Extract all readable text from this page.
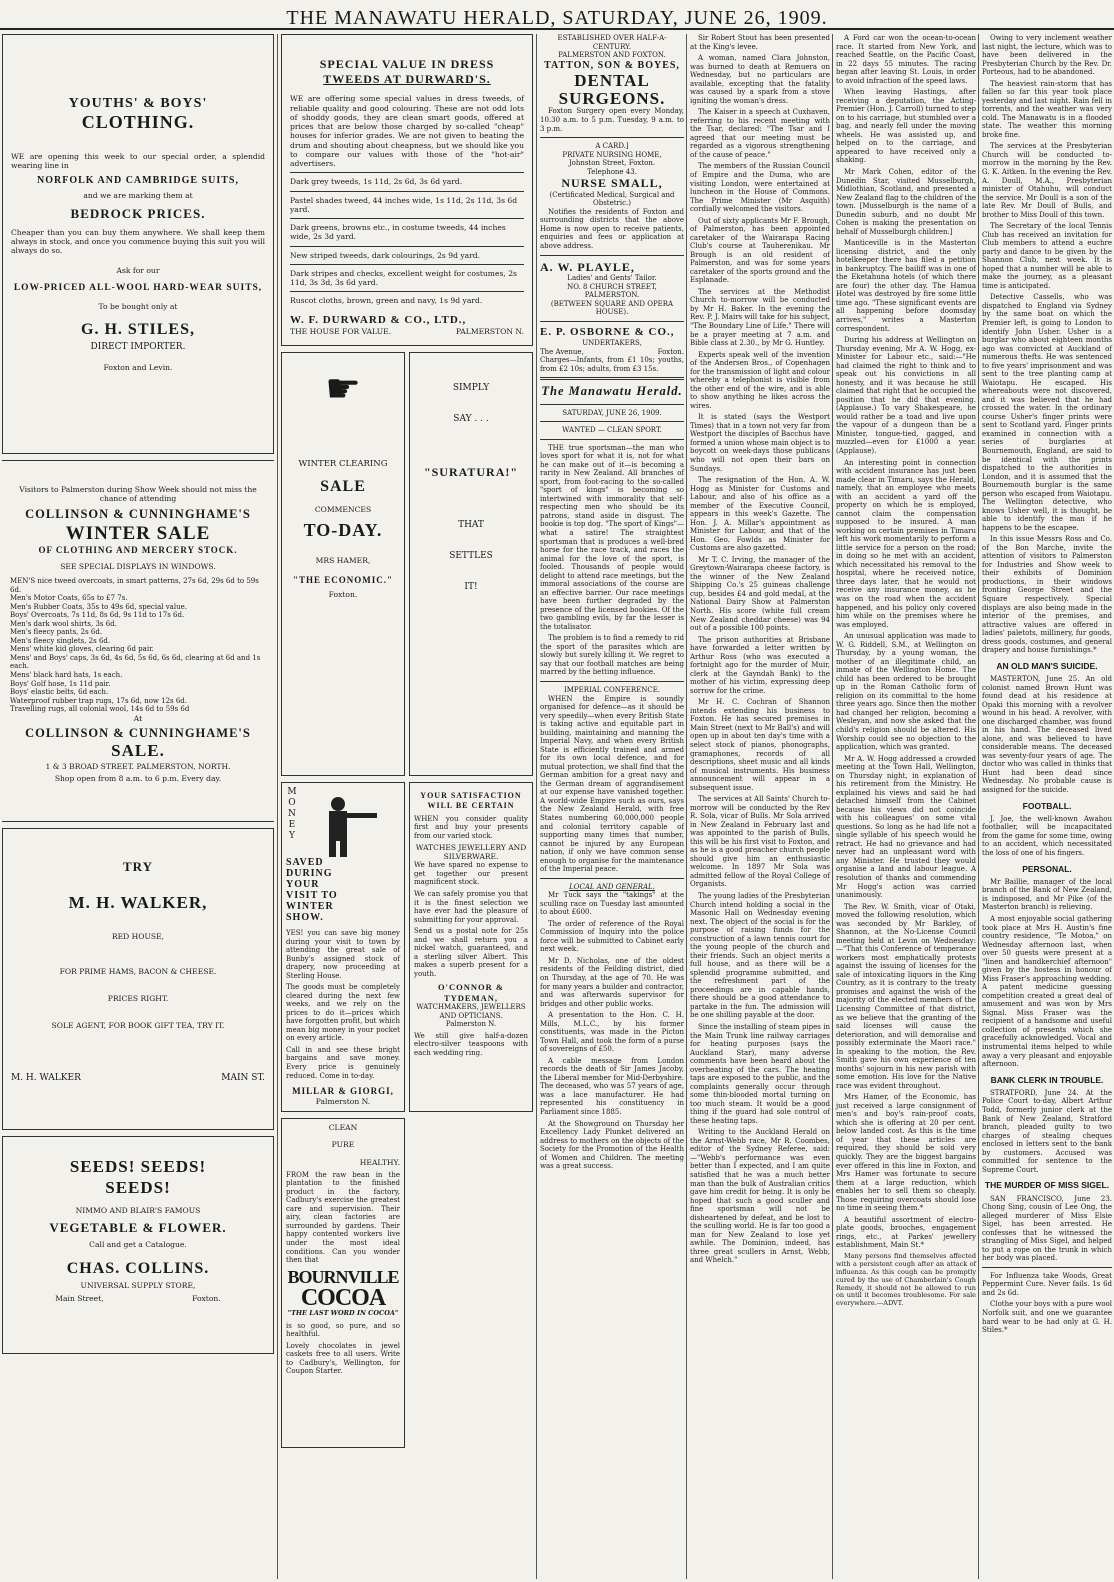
THE MANAWATU HERALD, SATURDAY, JUNE 26, 1909.
YOUTHS' & BOYS'
CLOTHING.

WE are opening this week to our special order, a splendid wearing line in

NORFOLK AND CAMBRIDGE SUITS,

and we are marking them at

BEDROCK PRICES.

Cheaper than you can buy them anywhere. We shall keep them always in stock, and once you commence buying this suit you will always do so.

Ask for our

LOW-PRICED ALL-WOOL HARD-WEAR SUITS,

To be bought only at

G. H. STILES,
DIRECT IMPORTER.

Foxton and Levin.

Visitors to Palmerston during Show Week should not miss the chance of attending

COLLINSON & CUNNINGHAME'S
WINTER SALE
OF CLOTHING AND MERCERY STOCK.

SEE SPECIAL DISPLAYS IN WINDOWS.

MEN'S nice tweed overcoats, in smart patterns, 27s 6d, 29s 6d to 59s 6d.
Men's Motor Coats, 65s to £7 7s.
Men's Rubber Coats, 35s to 49s 6d, special value.
Boys' Overcoats, 7s 11d, 8s 6d, 9s 11d to 17s 6d.
Men's dark wool shirts, 3s 6d.
Men's fleecy pants, 2s 6d.
Men's fleecy singlets, 2s 6d.
Mens' white kid gloves, clearing 6d pair.
Mens' and Boys' caps, 3s 6d, 4s 6d, 5s 6d, 6s 6d, clearing at 6d and 1s each.
Mens' black hard hats, 1s each.
Boys' Golf hose, 1s 11d pair.
Boys' elastic belts, 6d each.
Waterproof rubber trap rugs, 17s 6d, now 12s 6d.
Travelling rugs, all colonial wool, 14s 6d to 59s 6d

At

COLLINSON & CUNNINGHAME'S
SALE.

1 & 3 BROAD STREET. PALMERSTON, NORTH.

Shop open from 8 a.m. to 6 p.m. Every day.

TRY
M. H. WALKER,

RED HOUSE,

FOR PRIME HAMS, BACON & CHEESE.

PRICES RIGHT.

SOLE AGENT, FOR BOOK GIFT TEA, TRY IT.

M. H. WALKER	MAIN ST.
SEEDS! SEEDS!
SEEDS!

NIMMO AND BLAIR'S FAMOUS

VEGETABLE & FLOWER.

Call and get a Catalogue.

CHAS. COLLINS.

UNIVERSAL SUPPLY STORE,

Main Street,	Foxton.
SPECIAL VALUE IN DRESS
TWEEDS AT DURWARD'S.

WE are offering some special values in dress tweeds, of reliable quality and good colouring. These are not odd lots of shoddy goods, they are clean smart goods, offered at prices that are below those charged by so-called "cheap" houses for inferior grades. We are not given to beating the drum and shouting about cheapness, but we should like you to compare our values with those of the "hot-air" advertisers.

Dark grey tweeds, 1s 11d, 2s 6d, 3s 6d yard.

Pastel shades tweed, 44 inches wide, 1s 11d, 2s 11d, 3s 6d yard.

Dark greens, browns etc., in costume tweeds, 44 inches wide, 2s 3d yard.

New striped tweeds, dark colourings, 2s 9d yard.

Dark stripes and checks, excellent weight for costumes, 2s 11d, 3s 3d, 3s 6d yard.

Ruscot cloths, brown, green and navy, 1s 9d yard.

W. F. DURWARD & CO., LTD.,
THE HOUSE FOR VALUE.	PALMERSTON N.
☛

WINTER CLEARING

SALE

COMMENCES

TO-DAY.

MRS HAMER,

"THE ECONOMIC."

Foxton.

SIMPLY

SAY . . .

"SURATURA!"

THAT

SETTLES

IT!

MONEY
SAVED
DURING
YOUR
VISIT TO
WINTER
SHOW.

YES! you can save big money during your visit to town by attending the great sale of Bunby's assigned stock of drapery, now proceeding at Sterling House.

The goods must be completely cleared during the next few weeks, and we rely on the prices to do it—prices which have forgotten profit, but which mean big money in your pocket on every article.

Call in and see these bright bargains and save money. Every price is genuinely reduced. Come in to-day.

MILLAR & GIORGI,

Palmerston N.

YOUR SATISFACTION
WILL BE CERTAIN

WHEN you consider quality first and buy your presents from our varied stock.

WATCHES JEWELLERY AND SILVERWARE.

We have spared no expense to get together our present magnificent stock.

We can safely promise you that it is the finest selection we have ever had the pleasure of submitting for your approval.

Send us a postal note for 25s and we shall return you a nickel watch, guaranteed, and a sterling silver Albert. This makes a superb present for a youth.

O'CONNOR & TYDEMAN,
WATCHMAKERS, JEWELLERS AND OPTICIANS.

Palmerston N.

We still give half-a-dozen electro-silver teaspoons with each wedding ring.

CLEAN
PURE
HEALTHY.

FROM the raw bean in the plantation to the finished product in the factory, Cadbury's exercise the greatest care and supervision. Their airy, clean factories are surrounded by gardens. Their happy contented workers live under the most ideal conditions. Can you wonder then that

BOURNVILLE
COCOA
"THE LAST WORD IN COCOA"

is so good, so pure, and so healthful.

Lovely chocolates in jewel caskets free to all users. Write to Cadbury's, Wellington, for Coupon Starter.

ESTABLISHED OVER HALF-A-CENTURY.
PALMERSTON AND FOXTON.
TATTON, SON & BOYES,
DENTAL SURGEONS.

Foxton Surgery open every Monday, 10.30 a.m. to 5 p.m. Tuesday, 9 a.m. to 3 p.m.

A CARD.]
PRIVATE NURSING HOME,
Johnston Street, Foxton.
Telephone 43.
NURSE SMALL,
(Certificated Medical, Surgical and Obstetric.)

Notifies the residents of Foxton and surrounding districts that the above Home is now open to receive patients, enquiries and fees or application at above address.

A. W. PLAYLE,
Ladies' and Gents' Tailor.
NO. 8 CHURCH STREET, PALMERSTON.
(BETWEEN SQUARE AND OPERA HOUSE).
E. P. OSBORNE & CO.,
UNDERTAKERS,
The Avenue,	Foxton.

Charges—Infants, from £1 10s; youths, from £2 10s; adults, from £3 15s.

The Manawatu Herald.
SATURDAY, JUNE 26, 1909.
WANTED — CLEAN SPORT.

THE true sportsman—the man who loves sport for what it is, not for what he can make out of it—is becoming a rarity in New Zealand. All branches of sport, from foot-racing to the so-called "sport of kings" is becoming so intertwined with immorality that self-respecting men who should be its patrons, stand aside in disgust. The bookie is top dog. "The sport of Kings"—what a satire! The straightest sportsman that is produces a well-bred horse for the race track, and races the animal for the love of the sport, is fooled. Thousands of people would delight to attend race meetings, but the immoral associations of the course are an effective barrier. Our race meetings have been further degraded by the presence of the licensed bookies. Of the two gambling evils, by far the lesser is the totalisator.

The problem is to find a remedy to rid the sport of the parasites which are slowly but surely killing it. We regret to say that our football matches are being marred by the betting influence.

IMPERIAL CONFERENCE.

WHEN the Empire is soundly organised for defence—as it should be very speedily—when every British State is taking active and equitable part in building, maintaining and manning the Imperial Navy, and when every British State is efficiently trained and armed for its own local defence, and for mutual protection, we shall find that the German ambition for a great navy and the German dream of aggrandisement at our expense have vanished together. A world-wide Empire such as ours, says the New Zealand Herald, with free States numbering 60,000,000 people and colonial territory capable of supporting many times that number, cannot be injured by any European nation, if only we have common sense enough to organise for the maintenance of the Imperial peace.

LOCAL AND GENERAL.

Mr Tuck says the "takings" at the sculling race on Tuesday last amounted to about £600.

The order of reference of the Royal Commission of Inquiry into the police force will be submitted to Cabinet early next week.

Mr D. Nicholas, one of the oldest residents of the Feilding district, died on Thursday, at the age of 70. He was for many years a builder and contractor, and was afterwards supervisor for bridges and other public works.

A presentation to the Hon. C. H. Mills, M.L.C., by his former constituents, was made in the Picton Town Hall, and took the form of a purse of sovereigns of £50.

A cable message from London records the death of Sir James Jacoby, the Liberal member for Mid-Derbyshire. The deceased, who was 57 years of age, was a lace manufacturer. He had represented his constituency in Parliament since 1885.

At the Showground on Thursday her Excellency Lady Plunket delivered an address to mothers on the objects of the Society for the Promotion of the Health of Women and Children. The meeting was a great success.

Sir Robert Stout has been presented at the King's levee.

A woman, named Clara Johnston, was burned to death at Remuera on Wednesday, but no particulars are available, excepting that the fatality was caused by a spark from a stove igniting the woman's dress.

The Kaiser in a speech at Cuxhaven, referring to his recent meeting with the Tsar, declared: "The Tsar and I agreed that our meeting must be regarded as a vigorous strengthening of the cause of peace."

The members of the Russian Council of Empire and the Duma, who are visiting London, were entertained at luncheon in the House of Commons. The Prime Minister (Mr Asquith) cordially welcomed the visitors.

Out of sixty applicants Mr F. Brough, of Palmerston, has been appointed caretaker of the Wairarapa Racing Club's course at Tauherenikau. Mr Brough is an old resident of Palmerston, and was for some years caretaker of the sports ground and the Esplanade.

The services at the Methodist Church to-morrow will be conducted by Mr H. Baker. In the evening the Rev. P. J. Mairs will take for his subject, "The Boundary Line of Life." There will be a prayer meeting at 7 a.m. and Bible class at 2.30., by Mr G. Huntley.

Experts speak well of the invention of the Andersen Bros., of Copenhagen for the transmission of light and colour whereby a telephonist is visible from the other end of the wire, and is able to show anything he likes across the wires.

It is stated (says the Westport Times) that in a town not very far from Westport the disciples of Bacchus have formed a union whose main object is to boycott on week-days those publicans who will not open their bars on Sundays.

The resignation of the Hon. A. W. Hogg as Minister for Customs and Labour, and also of his office as a member of the Executive Council, appears in this week's Gazette. The Hon. J. A. Millar's appointment as Minister for Labour, and that of the Hon. Geo. Fowlds as Minister for Customs are also gazetted.

Mr T. C. Irving, the manager of the Greytown-Wairarapa cheese factory, is the winner of the New Zealand Shipping Co.'s 25 guineas challenge cup, besides £4 and gold medal, at the National Dairy Show at Palmerston North. His score (white full cream New Zealand cheddar cheese) was 94 out of a possible 100 points.

The prison authorities at Brisbane have forwarded a letter written by Arthur Ross (who was executed a fortnight ago for the murder of Muir, clerk at the Gayndah Bank) to the mother of his victim, expressing deep sorrow for the crime.

Mr H. C. Cochran of Shannon intends extending his business to Foxton. He has secured premises in Main Street (next to Mr Ball's) and will open up in about ten day's time with a select stock of pianos, phonographs, gramaphones, records of all descriptions, sheet music and all kinds of musical instruments. His business announcement will appear in a subsequent issue.

The services at All Saints' Church to-morrow will be conducted by the Rev R. Sola, vicar of Bulls. Mr Sola arrived in New Zealand in February last and was appointed to the parish of Bulls, this will be his first visit to Foxton, and as he is a good preacher church people should give him an enthusiastic welcome. In 1897 Mr Sola was admitted fellow of the Royal College of Organists.

The young ladies of the Presbyterian Church intend holding a social in the Masonic Hall on Wednesday evening next. The object of the social is for the purpose of raising funds for the construction of a lawn tennis court for the young people of the church and their friends. Such an object merits a full house, and as there will be a splendid programme submitted, and the refreshment part of the proceedings are in capable hands, there should be a good attendance to partake in the fun. The admission will be one shilling payable at the door.

Since the installing of steam pipes in the Main Trunk line railway carriages for heating purposes (says the Auckland Star), many adverse comments have been heard about the overheating of the cars. The heating taps are exposed to the public, and the complaints generally occur through some thin-blooded mortal turning on too much steam. It would be a good thing if the guard had sole control of these heating taps.

Writing to the Auckland Herald on the Arnst-Webb race, Mr R. Coombes, editor of the Sydney Referee, said:—"Webb's performance was even better than I expected, and I am quite satisfied that he was a much better man than the bulk of Australian critics gave him credit for being. It is only be hoped that such a good sculler and fine sportsman will not be disheartened by defeat, and be lost to the sculling world. He is far too good a man for New Zealand to lose yet awhile. The Dominion, indeed, has three great scullers in Arnst, Webb, and Whelch."

A Ford car won the ocean-to-ocean race. It started from New York, and reached Seattle, on the Pacific Coast, in 22 days 55 minutes. The racing began after leaving St. Louis, in order to avoid infraction of the speed laws.

When leaving Hastings, after receiving a deputation, the Acting-Premier (Hon. J. Carroll) turned to step on to his carriage, but stumbled over a bag, and nearly fell under the moving wheels. He was assisted up, and helped on to the carriage, and appeared to have received only a shaking.

Mr Mark Cohen, editor of the Dunedin Star, visited Musselburgh, Midlothian, Scotland, and presented a New Zealand flag to the children of the town. [Musselburgh is the name of a Dunedin suburb, and no doubt Mr Cohen is making the presentation on behalf of Musselburgh children.]

Manticeville is in the Masterton licensing district, and the only hotelkeeper there has filed a petition in bankruptcy. The bailiff was in one of the Eketahuna hotels (of which there are four) the other day. The Hamua Hotel was destroyed by fire some little time ago. "These significant events are all happening before doomsday arrives," writes a Masterton correspondent.

During his address at Wellington on Thursday evening, Mr A. W. Hogg, ex-Minister for Labour etc., said:—"He had claimed the right to think and to speak out his convictions in all honesty, and it was because he still claimed that right that he occupied the position that he did that evening. (Applause.) To vary Shakespeare, he would rather be a toad and live upon the vapour of a dungeon than be a Minister, tongue-tied, gagged, and muzzled—even for £1000 a year. (Applause).

An interesting point in connection with accident insurance has just been made clear in Timaru, says the Herald, namely, that an employee who meets with an accident a yard off the property on which he is employed, cannot claim the compensation supposed to be insured. A man working on certain premises in Timaru left his work momentarily to perform a little service for a person on the road; in doing so he met with an accident, which necessitated his removal to the hospital, where he received notice, three days later, that he would not receive any insurance money, as he was on the road when the accident happened, and his policy only covered him while on the premises where he was employed.

An unusual application was made to W. G. Riddell, S.M., at Wellington on Thursday, by a young woman, the mother of an illegitimate child, an inmate of the Wellington Home. The child has been ordered to be brought up in the Roman Catholic form of religion on its committal to the home three years ago. Since then the mother had changed her religion, becoming a Wesleyan, and now she asked that the child's religion should be altered. His Worship could see no objection to the application, which was granted.

Mr A. W. Hogg addressed a crowded meeting at the Town Hall, Wellington, on Thursday night, in explanation of his retirement from the Ministry. He explained his views and said he had detached himself from the Cabinet because his views did not coincide with his colleagues' on some vital questions. So long as he had life not a single syllable of his speech would he retract. He had no grievance and had never had an unpleasant word with any Minister. He trusted they would organise a land and labour league. A resolution of thanks and commending Mr Hogg's action was carried unanimously.

The Rev. W. Smith, vicar of Otaki, moved the following resolution, which was seconded by Mr Barkley, of Shannon, at the No-License Council meeting held at Levin on Wednesday:—"That this Conference of temperance workers most emphatically protests against the issuing of licenses for the sale of intoxicating liquors in the King Country, as it is contrary to the treaty promises and against the wish of the majority of the elected members of the Licensing Committee of that district, as we believe that the granting of the said licenses will cause the deterioration, and will demoralise and possibly exterminate the Maori race." In speaking to the motion, the Rev. Smith gave his own experience of ten months' sojourn in his new parish with some emotion. His love for the Native race was evident throughout.

Mrs Hamer, of the Economic, has just received a large consignment of men's and boy's rain-proof coats, which she is offering at 20 per cent. below landed cost. As this is the time of year that these articles are required, they should be sold very quickly. They are the biggest bargains ever offered in this line in Foxton, and Mrs Hamer was fortunate to secure them at a large reduction, which enables her to sell them so cheaply. Those requiring overcoats should lose no time in seeing them.*

A beautiful assortment of electro-plate goods, brooches, engagement rings, etc., at Parkes' jewellery establishment, Main St.*

Many persons find themselves affected with a persistent cough after an attack of influenza. As this cough can be promptly cured by the use of Chamberlain's Cough Remedy, it should not be allowed to run on until it becomes troublesome. For sale everywhere.—ADVT.

Owing to very inclement weather last night, the lecture, which was to have been delivered in the Presbyterian Church by the Rev. Dr. Porteous, had to be abandoned.

The heaviest rain-storm that has fallen so far this year took place yesterday and last night. Rain fell in torrents, and the weather was very cold. The Manawatu is in a flooded state. The weather this morning broke fine.

The services at the Presbyterian Church will be conducted to-morrow in the morning by the Rev. G. K. Aitken. In the evening the Rev. A. Doull, M.A., Presbyterian minister of Otahuhu, will conduct the service. Mr Doull is a son of the late Rev. Mr Doull of Bulls, and brother to Miss Doull of this town.

The Secretary of the local Tennis Club has received an invitation for Club members to attend a euchre party and dance to be given by the Shannon Club, next week. It is hoped that a number will be able to make the journey, as a pleasant time is anticipated.

Detective Cassells, who was dispatched to England via Sydney by the same boat on which the Premier left, is going to London to identify John Usher. Usher is a burglar who about eighteen months ago was convicted at Auckland of numerous thefts. He was sentenced to five years' imprisonment and was sent to the tree planting camp at Waiotapu. He escaped. His whereabouts were not discovered, and it was believed that he had crossed the water. In the ordinary course Usher's finger prints were sent to Scotland yard. Finger prints examined in connection with a series of burglaries at Bournemouth, England, are said to be identical with the prints dispatched to the authorities in London, and it is assumed that the Bournemouth burglar is the same person who escaped from Waiotapu. The Wellington detective, who knows Usher well, it is thought, be able to identify the man if he happens to be the escapee.

In this issue Messrs Ross and Co. of the Bon Marche, invite the attention of visitors to Palmerston for Industries and Show week to their exhibits of Dominion productions, in their windows fronting George Street and the Square respectively. Special displays are also being made in the interior of the premises, and attractive values are offered in ladies' paletots, millinery, fur goods, dress goods, costumes, and general drapery and house furnishings.*

AN OLD MAN'S SUICIDE.

MASTERTON, June 25. An old colonist named Brown Hunt was found dead at his residence at Opaki this morning with a revolver wound in his head. A revolver, with one discharged chamber, was found in his hand. The deceased lived alone, and was believed to have considerable means. The deceased was seventy-four years of age. The doctor who was called in thinks that Hunt had been dead since Wednesday. No probable cause is assigned for the suicide.

FOOTBALL.

J. Joe, the well-known Awahou footballer, will be incapacitated from the game for some time, owing to an accident, which necessitated the loss of one of his fingers.

PERSONAL.

Mr Baillie, manager of the local branch of the Bank of New Zealand, is indisposed, and Mr Pike (of the Masterton branch) is relieving.

A most enjoyable social gathering took place at Mrs H. Austin's fine country residence, "Te Motoa," on Wednesday afternoon last, when over 50 guests were present at a "linen and handkerchief afternoon" given by the hostess in honour of Miss Fraser's approaching wedding. A patent medicine guessing competition created a great deal of amusement and was won by Mrs Signal. Miss Fraser was the recipient of a handsome and useful collection of presents which she gracefully acknowledged. Vocal and instrumental items helped to while away a very pleasant and enjoyable afternoon.

BANK CLERK IN TROUBLE.

STRATFORD, June 24. At the Police Court to-day, Albert Arthur Todd, formerly junior clerk at the Bank of New Zealand, Stratford branch, pleaded guilty to two charges of stealing cheques enclosed in letters sent to the bank by customers. Accused was committed for sentence to the Supreme Court.

THE MURDER OF MISS SIGEL.

SAN FRANCISCO, June 23. Chong Sing, cousin of Lee Ong, the alleged murderer of Miss Elsie Sigel, has been arrested. He confesses that he witnessed the strangling of Miss Sigel, and helped to put a rope on the trunk in which her body was placed.

For Influenza take Woods, Great Peppermint Cure. Never fails. 1s 6d and 2s 6d.

Clothe your boys with a pure wool Norfolk suit, and one we guarantee hard wear to be had only at G. H. Stiles.*
